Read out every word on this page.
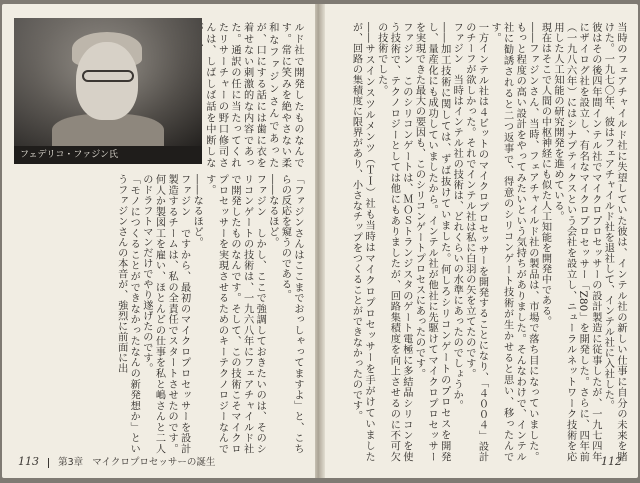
当時のフェアチャイルド社に失望していた彼は、インテル社の新しい仕事に自分の未来を賭けた。一九七〇年、彼はフェアチャイルド社を退社して、インテル社に入社した。
彼はその後四年間インテル社でマイクロプロセッサーの設計製造に従事したが、一九七四年にザイログ社を設立し、有名なマイクロプロセッサー「Z80」を開発した。さらに、四年前（一九八六年）にはシナプティクスという会社を設立し、ニューラルネットワーク技術を応用した人工知能の研究開発を進めている。
現在はそこで人間の中枢神経にも似た人工知能を開発中である。
――ファジンさん、当時、フェアチャイルド社の製品は、市場で落ち目になっていました。もっと程度の高い設計をやってみたいという気持ちがありました。そんなわけで、インテル社に勧誘されると二つ返事で、得意のシリコンゲート技術が生かせると思い、移ったんです。
一方インテル社は４ビットのマイクロプロセッサーを開発することになり、「４００４」設計のチーフが欲しかった。それでインテル社は私に白羽の矢を立てたのです。
ファジン　当時はインテル社の技術は、どれくらいの水準にあったのでしょうか。
――加工技術に関しては、ずば抜けていました。何しろシリコンゲートのプロセスを開発し、量産化にも成功していましたから。インテル社が他社に先駆けてマイクロプロセッサーを実現できた最大の要因も、このシリコンゲートプロセスにあったのです。
ファジン　このシリコンゲートは、ＭＯＳトランジスタのゲート電極に多結晶シリコンを使う技術で、テクノロジーとしては他にもありましたが、回路集積度を向上させるのに不可欠の技術でした。
――サスインスツルメンツ（ＴＩ）社も当時はマイクロプロセッサーを手がけていましたが、回路の集積度に限界があり、小さなチップをつくることができなかったのです。
112
ルド社で開発したものなんです。常に笑みを絶やさない柔和なファジンさんであったが、口にする話には歯に衣を着せない刺激的な内容であった。通訳の任に当たってくれたリサーチャーの野口修司さんは、しばしば話を中断しな
フェデリコ・ファジン氏
「ファジンさんはここまでおっしゃってますよ」と、こちらの反応を窺うのである。
――なるほど。
ファジン　しかし、ここで強調しておきたいのは、そのシリコンゲートの技術は、一九六八年にフェアチャイルド社で開発したものなんです。そして、この技術こそマイクロプロセッサーを実現させるためのキーテクノロジーなんです。
――なるほど。
ファジン　ですから、最初のマイクロプロセッサーを設計製造するチームは、私の全責任でスタートさせたのです。何人か製図工を雇い、ほとんどの仕事を私と嶋さんと二人のドラフトマンだけでやり遂げたのです。
「モノにつくることができなかったなんの新発想か」というファジンさんの本音が、強烈に前面に出
113 第3章 マイクロプロセッサーの誕生
